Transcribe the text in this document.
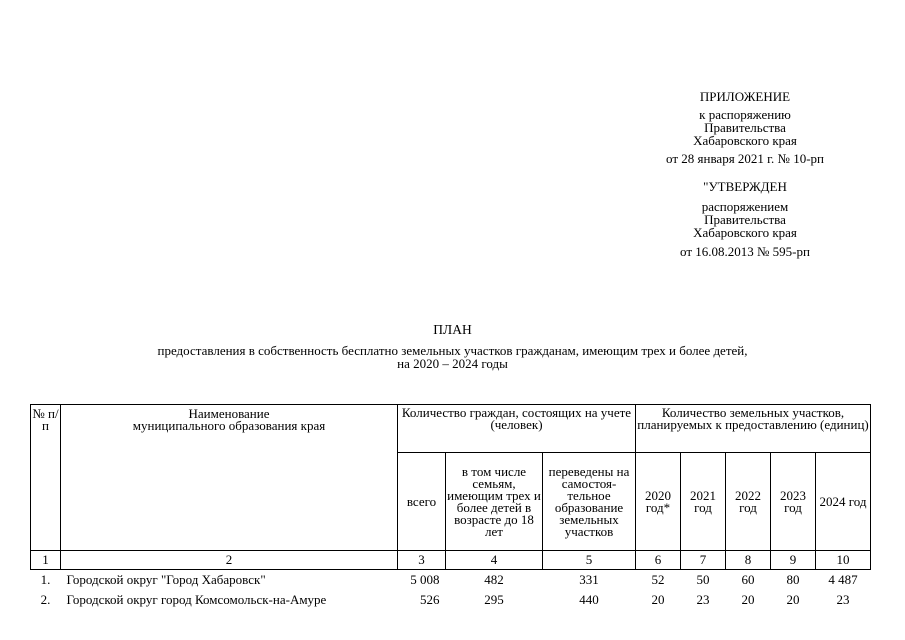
ПРИЛОЖЕНИЕ
к распоряжению
Правительства
Хабаровского края
от 28 января 2021 г. № 10-рп
"УТВЕРЖДЕН
распоряжением
Правительства
Хабаровского края
от 16.08.2013 № 595-рп
ПЛАН
предоставления в собственность бесплатно земельных участков гражданам, имеющим трех и более детей,
на 2020 – 2024 годы
№ п/п	Наименование
муниципального образования края	Количество граждан, состоящих на учете (человек)			Количество земельных участков, планируемых к предоставлению (единиц)				
		всего	в том числе семьям, имеющим трех и более детей в возрасте до 18 лет	переведены на самостоя-тельное образование земельных участков	2020 год*	2021 год	2022 год	2023 год	2024 год
1	2	3	4	5	6	7	8	9	10
1.	Городской округ "Город Хабаровск"	5 008	482	331	52	50	60	80	4 487
2.	Городской округ город Комсомольск-на-Амуре	526	295	440	20	23	20	20	23
